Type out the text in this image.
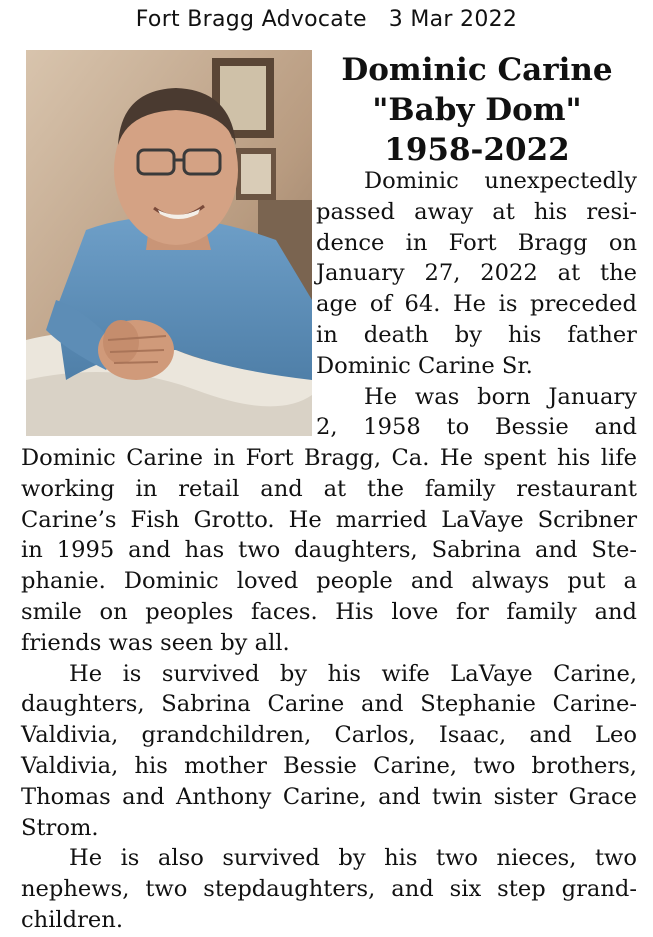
Fort Bragg Advocate   3 Mar 2022
Dominic Carine
"Baby Dom"
1958-2022
Dominic unexpectedly
passed away at his resi-
dence in Fort Bragg on
January 27, 2022 at the
age of 64. He is preceded
in death by his father
Dominic Carine Sr.
He was born January
2, 1958 to Bessie and
Dominic Carine in Fort Bragg, Ca. He spent his life
working in retail and at the family restaurant
Carine’s Fish Grotto. He married LaVaye Scribner
in 1995 and has two daughters, Sabrina and Ste-
phanie. Dominic loved people and always put a
smile on peoples faces. His love for family and
friends was seen by all.
He is survived by his wife LaVaye Carine,
daughters, Sabrina Carine and Stephanie Carine-
Valdivia, grandchildren, Carlos, Isaac, and Leo
Valdivia, his mother Bessie Carine, two brothers,
Thomas and Anthony Carine, and twin sister Grace
Strom.
He is also survived by his two nieces, two
nephews, two stepdaughters, and six step grand-
children.
